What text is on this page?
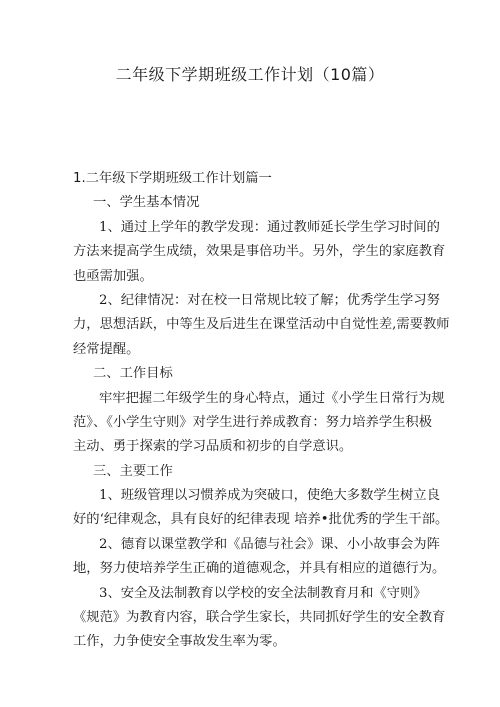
二年级下学期班级工作计划（10篇）
1.二年级下学期班级工作计划篇一
一、学生基本情况
1、通过上学年的教学发现：通过教师延长学生学习时间的
方法来提高学生成绩，效果是事倍功半。另外，学生的家庭教育
也亟需加强。
2、纪律情况：对在校一日常规比较了解；优秀学生学习努
力，思想活跃，中等生及后进生在课堂活动中自觉性差,需要教师
经常提醒。
二、工作目标
牢牢把握二年级学生的身心特点，通过《小学生日常行为规
范》、《小学生守则》对学生进行养成教育：努力培养学生积极
主动、勇于探索的学习品质和初步的自学意识。
三、主要工作
1、班级管理以习惯养成为突破口，使绝大多数学生树立良
好的‘纪律观念，具有良好的纪律表现 培养•批优秀的学生干部。
2、德育以课堂教学和《品德与社会》课、小小故事会为阵
地，努力使培养学生正确的道德观念，并具有相应的道德行为。
3、安全及法制教育以学校的安全法制教育月和《守则》
《规范》为教育内容，联合学生家长，共同抓好学生的安全教育
工作，力争使安全事故发生率为零。
